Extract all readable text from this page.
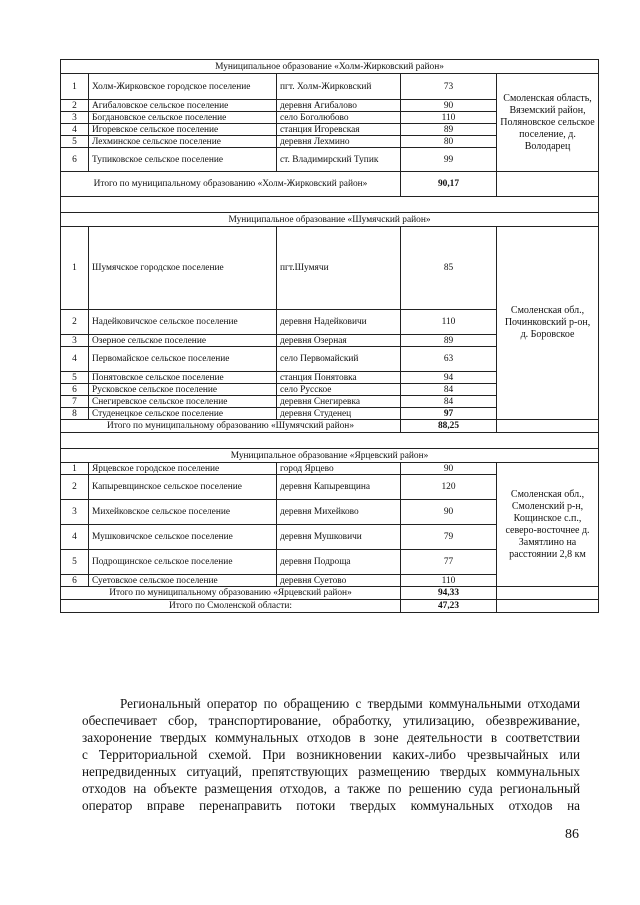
Муниципальное образование «Холм-Жирковский район»				
1	Холм-Жирковское городское поселение	пгт. Холм-Жирковский	73	Смоленская область, Вяземский район, Поляновское сельское поселение, д. Володарец
2	Агибаловское сельское поселение	деревня Агибалово	90	
3	Богдановское сельское поселение	село Боголюбово	110	
4	Игоревское сельское поселение	станция Игоревская	89	
5	Лехминское сельское поселение	деревня Лехмино	80	
6	Тупиковское сельское поселение	ст. Владимирский Тупик	99	
Итого по муниципальному образованию «Холм-Жирковский район»			90,17	

Муниципальное образование «Шумячский район»				
1	Шумячское городское поселение	пгт.Шумячи	85	Смоленская обл., Починковский р-он, д. Боровское
2	Надейковичское сельское поселение	деревня Надейковичи	110	
3	Озерное сельское поселение	деревня Озерная	89	
4	Первомайское сельское поселение	село Первомайский	63	
5	Понятовское сельское поселение	станция Понятовка	94	
6	Русковское сельское поселение	село Русское	84	
7	Снегиревское сельское поселение	деревня Снегиревка	84	
8	Студенецкое сельское поселение	деревня Студенец	97	
Итого по муниципальному образованию «Шумячский район»			88,25	

Муниципальное образование «Ярцевский район»				
1	Ярцевское городское поселение	город Ярцево	90	Смоленская обл., Смоленский р-н, Кощинское с.п., северо-восточнее д. Замятлино на расстоянии 2,8 км
2	Капыревщинское сельское поселение	деревня Капыревщина	120	
3	Михейковское сельское поселение	деревня Михейково	90	
4	Мушковичское сельское поселение	деревня Мушковичи	79	
5	Подрощинское сельское поселение	деревня Подроща	77	
6	Суетовское сельское поселение	деревня Суетово	110	
Итого по муниципальному образованию «Ярцевский район»			94,33	
Итого по Смоленской области:			47,23	

Региональный оператор по обращению с твердыми коммунальными отходами
обеспечивает сбор, транспортирование, обработку, утилизацию, обезвреживание,
захоронение твердых коммунальных отходов в зоне деятельности в соответствии
с Территориальной схемой. При возникновении каких-либо чрезвычайных или
непредвиденных ситуаций, препятствующих размещению твердых коммунальных
отходов на объекте размещения отходов, а также по решению суда региональный
оператор вправе перенаправить потоки твердых коммунальных отходов на

86
